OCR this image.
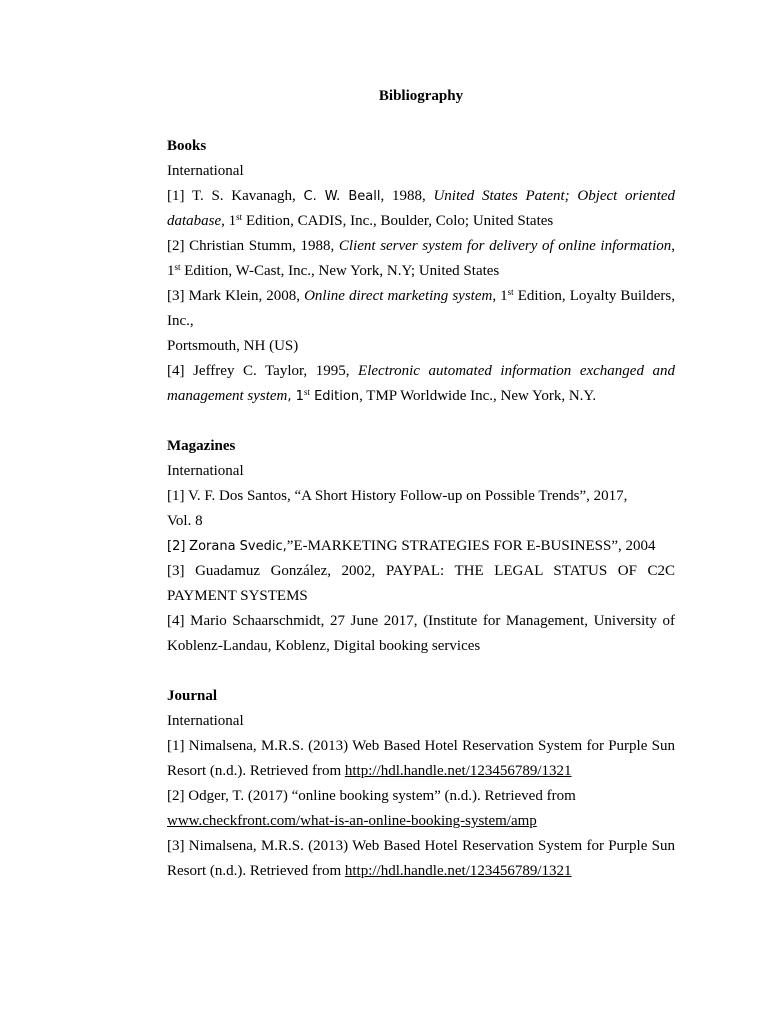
Bibliography

Books

International

[1] T. S. Kavanagh, C. W. Beall, 1988, United States Patent; Object oriented database, 1st Edition, CADIS, Inc., Boulder, Colo; United States

[2] Christian Stumm, 1988, Client server system for delivery of online information, 1st Edition, W-Cast, Inc., New York, N.Y; United States

[3] Mark Klein, 2008, Online direct marketing system, 1st Edition, Loyalty Builders, Inc.,

Portsmouth, NH (US)

[4] Jeffrey C. Taylor, 1995, Electronic automated information exchanged and management system, 1st Edition, TMP Worldwide Inc., New York, N.Y.

Magazines

International

[1] V. F. Dos Santos, “A Short History Follow-up on Possible Trends”, 2017,

Vol. 8

[2] Zorana Svedic,”E-MARKETING STRATEGIES FOR E-BUSINESS”, 2004

[3] Guadamuz González, 2002, PAYPAL: THE LEGAL STATUS OF C2C PAYMENT SYSTEMS

[4] Mario Schaarschmidt, 27 June 2017, (Institute for Management, University of Koblenz-Landau, Koblenz, Digital booking services

Journal

International

[1] Nimalsena, M.R.S. (2013) Web Based Hotel Reservation System for Purple Sun Resort (n.d.). Retrieved from http://hdl.handle.net/123456789/1321

[2] Odger, T. (2017) “online booking system” (n.d.). Retrieved from
www.checkfront.com/what-is-an-online-booking-system/amp

[3] Nimalsena, M.R.S. (2013) Web Based Hotel Reservation System for Purple Sun Resort (n.d.). Retrieved from http://hdl.handle.net/123456789/1321
